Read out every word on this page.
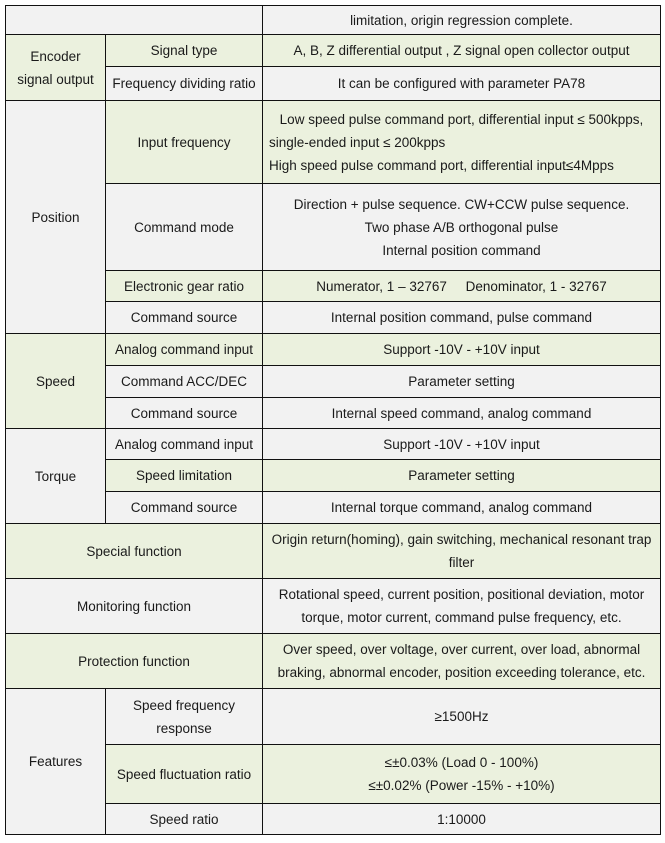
		limitation, origin regression complete.
Encoder signal output	Signal type	A, B, Z differential output , Z signal open collector output
	Frequency dividing ratio	It can be configured with parameter PA78
Position	Input frequency	Low speed pulse command port, differential input ≤ 500kpps, single-ended input ≤ 200kpps
High speed pulse command port, differential input≤4Mpps

	Command mode	Direction + pulse sequence. CW+CCW pulse sequence.
Two phase A/B orthogonal pulse
Internal position command

	Electronic gear ratio	Numerator, 1 – 32767     Denominator, 1 - 32767
	Command source	Internal position command, pulse command
Speed	Analog command input	Support -10V - +10V input
	Command ACC/DEC	Parameter setting
	Command source	Internal speed command, analog command
Torque	Analog command input	Support -10V - +10V input
	Speed limitation	Parameter setting
	Command source	Internal torque command, analog command
Special function		Origin return(homing), gain switching, mechanical resonant trap filter
Monitoring function		Rotational speed, current position, positional deviation, motor torque, motor current, command pulse frequency, etc.
Protection function		Over speed, over voltage, over current, over load, abnormal braking, abnormal encoder, position exceeding tolerance, etc.
Features	Speed frequency response	≥1500Hz
	Speed fluctuation ratio	≤±0.03% (Load 0 - 100%)
≤±0.02% (Power -15% - +10%)

	Speed ratio	1:10000
